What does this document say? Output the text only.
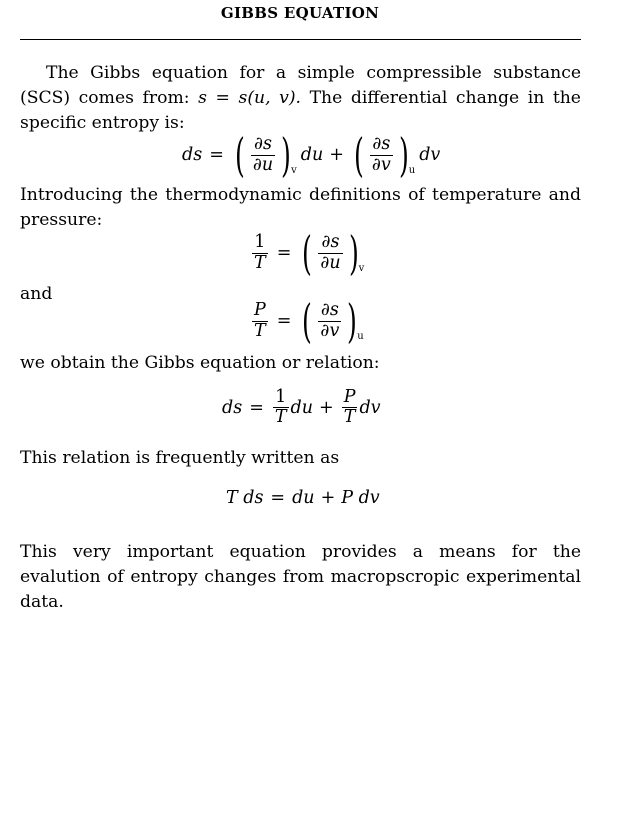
GIBBS EQUATION
The Gibbs equation for a simple compressible substance (SCS) comes from: s = s(u, v). The differential change in the specific entropy is:
ds = ( $\frac{\partial s}{\partial u}$ ) v
du + ( $\frac{\partial s}{\partial v}$ ) u
dv
Introducing the thermodynamic definitions of temperature and pressure:
$\frac{1}{T}$ = ( $\frac{\partial s}{\partial u}$ ) v
and
$\frac{P}{T}$ = ( $\frac{\partial s}{\partial v}$ ) u
we obtain the Gibbs equation or relation:
ds = $\frac{1}{T}$ du + $\frac{P}{T}$ dv
This relation is frequently written as
T ds = du + P dv
This very important equation provides a means for the evalution of entropy changes from macropscropic experimental data.
